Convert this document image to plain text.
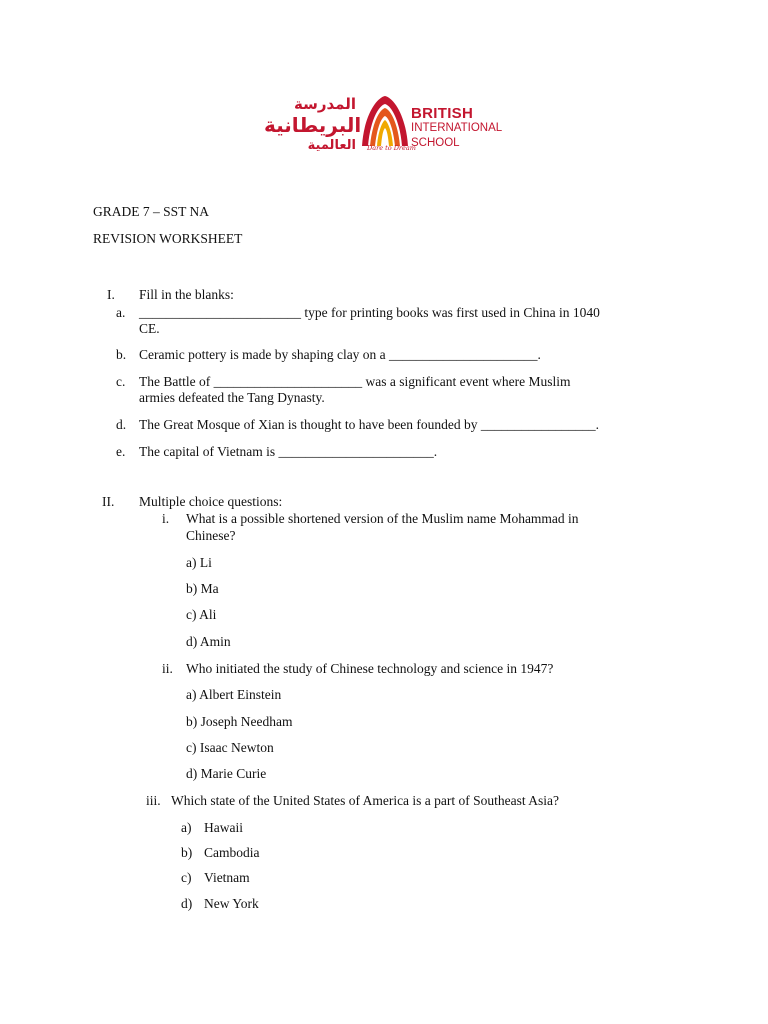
المدرسة
البريطانية
العالمية Dare to Dream
BRITISH
INTERNATIONAL
SCHOOL
GRADE 7 – SST NA
REVISION WORKSHEET
I. Fill in the blanks:
a. ________________________ type for printing books was first used in China in 1040
CE.
b. Ceramic pottery is made by shaping clay on a ______________________.
c. The Battle of ______________________ was a significant event where Muslim
armies defeated the Tang Dynasty.
d. The Great Mosque of Xian is thought to have been founded by _________________.
e. The capital of Vietnam is _______________________.
II. Multiple choice questions:
i. What is a possible shortened version of the Muslim name Mohammad in
Chinese?
a) Li
b) Ma
c) Ali
d) Amin
ii. Who initiated the study of Chinese technology and science in 1947?
a) Albert Einstein
b) Joseph Needham
c) Isaac Newton
d) Marie Curie
iii. Which state of the United States of America is a part of Southeast Asia?
a) Hawaii
b) Cambodia
c) Vietnam
d) New York
